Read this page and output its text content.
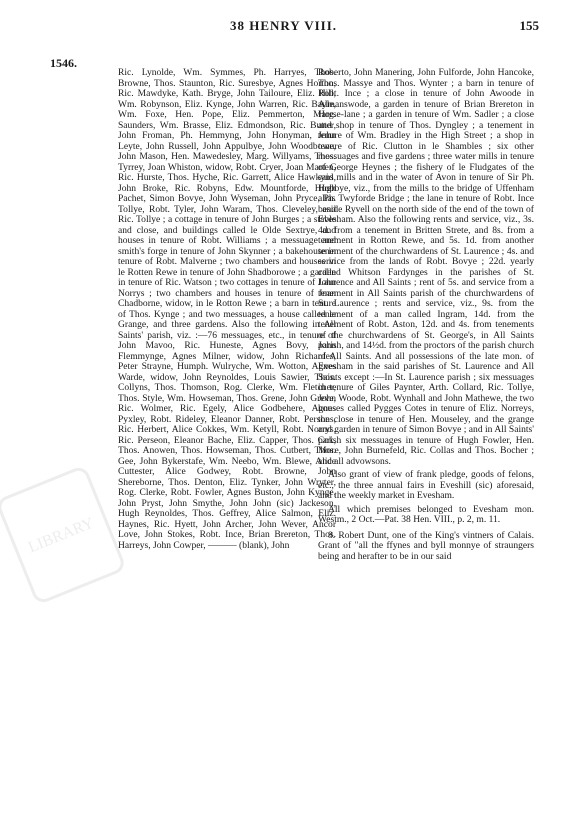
38 HENRY VIII.	155
1546.
LIBRARY

Ric. Lynolde, Wm. Symmes, Ph. Harryes, Thos. Browne, Thos. Staunton, Ric. Suresbye, Agnes Horton, Ric. Mawdyke, Kath. Bryge, John Tailoure, Eliz. Hill, Wm. Robynson, Eliz. Kynge, John Warren, Ric. Bayle, Wm. Foxe, Hen. Pope, Eliz. Pemmerton, Marg. Saunders, Wm. Brasse, Eliz. Edmondson, Ric. Butter, John Froman, Ph. Hemmyng, John Honyman, John Leyte, John Russell, John Appulbye, John Woodbowe, John Mason, Hen. Mawedesley, Marg. Willyams, Thos. Tyrrey, Joan Whiston, widow, Robt. Cryer, Joan Marten, Ric. Hurste, Thos. Hyche, Ric. Garrett, Alice Hawkyns, John Broke, Ric. Robyns, Edw. Mountforde, Hugh Pachet, Simon Bovye, John Wyseman, John Pryce, Ph. Tollye, Robt. Tyler, John Waram, Thos. Cleveley, and Ric. Tollye ; a cottage in tenure of John Burges ; a stable and close, and buildings called le Olde Sextrye, and houses in tenure of Robt. Williams ; a messuage and smith's forge in tenure of John Skynner ; a bakehouse in tenure of Robt. Malverne ; two chambers and houses in le Rotten Rewe in tenure of John Shadborowe ; a garden in tenure of Ric. Watson ; two cottages in tenure of John Norrys ; two chambers and houses in tenure of Joan Chadborne, widow, in le Rotton Rewe ; a barn in tenure of Thos. Kynge ; and two messuages, a house called le Grange, and three gardens. Also the following in All Saints' parish, viz. :—76 messuages, etc., in tenure of John Mavoo, Ric. Huneste, Agnes Bovy, John Flemmynge, Agnes Milner, widow, John Richardes, Peter Strayne, Humph. Wulryche, Wm. Wotton, Agnes Warde, widow, John Reynoldes, Louis Sawier, Thos. Collyns, Thos. Thomson, Rog. Clerke, Wm. Fletcher, Thos. Style, Wm. Howseman, Thos. Grene, John Greve, Ric. Wolmer, Ric. Egely, Alice Godbehere, Agnes Pyxley, Robt. Rideley, Eleanor Danner, Robt. Persons, Ric. Herbert, Alice Cokkes, Wm. Ketyll, Robt. Norrys, Ric. Perseon, Eleanor Bache, Eliz. Capper, Thos. Cok, Thos. Anowen, Thos. Howseman, Thos. Cutbert, Thos. Gee, John Bykerstafe, Wm. Neebo, Wm. Blewe, Alice Cuttester, Alice Godwey, Robt. Browne, John Shereborne, Thos. Denton, Eliz. Tynker, John Wryter, Rog. Clerke, Robt. Fowler, Agnes Buston, John Kynge, John Pryst, John Smythe, John John (sic) Jackeson, Hugh Reynoldes, Thos. Geffrey, Alice Salmon, Eliz. Haynes, Ric. Hyett, John Archer, John Wever, Ancor Love, John Stokes, Robt. Ince, Brian Brereton, Thos. Harreys, John Cowper, ——— (blank), John

Roberto, John Manering, John Fulforde, John Hancoke, Thos. Massye and Thos. Wynter ; a barn in tenure of Robt. Ince ; a close in tenure of John Awoode in Almanswode, a garden in tenure of Brian Brereton in Horse-lane ; a garden in tenure of Wm. Sadler ; a close and shop in tenure of Thos. Dyngley ; a tenement in tenure of Wm. Bradley in the High Street ; a shop in tenure of Ric. Clutton in le Shambles ; six other messuages and five gardens ; three water mills in tenure of George Heynes ; the fishery of le Fludgates of the said mills and in the water of Avon in tenure of Sir Ph. Hobbye, viz., from the mills to the bridge of Uffenham alias Twyforde Bridge ; the lane in tenure of Robt. Ince beside Ryvell on the north side of the end of the town of Evesham. Also the following rents and service, viz., 3s. 4d. from a tenement in Britten Strete, and 8s. from a tenement in Rotton Rewe, and 5s. 1d. from another tenement of the churchwardens of St. Laurence ; 4s. and service from the lands of Robt. Bovye ; 22d. yearly called Whitson Fardynges in the parishes of St. Laurence and All Saints ; rent of 5s. and service from a tenement in All Saints parish of the churchwardens of St. Laurence ; rents and service, viz., 9s. from the tenement of a man called Ingram, 14d. from the tenement of Robt. Aston, 12d. and 4s. from tenements of the churchwardens of St. George's, in All Saints parish, and 14½d. from the proctors of the parish church of All Saints. And all possessions of the late mon. of Evesham in the said parishes of St. Laurence and All Saints except :—In St. Laurence parish ; six messuages in tenure of Giles Paynter, Arth. Collard, Ric. Tollye, John Woode, Robt. Wynhall and John Mathewe, the two houses called Pygges Cotes in tenure of Eliz. Norreys, the close in tenure of Hen. Mouseley, and the grange and garden in tenure of Simon Bovye ; and in All Saints' parish six messuages in tenure of Hugh Fowler, Hen. More, John Burnefeld, Ric. Collas and Thos. Bocher ; and all advowsons.

Also grant of view of frank pledge, goods of felons, etc., the three annual fairs in Eveshill (sic) aforesaid, and the weekly market in Evesham.

All which premises belonged to Evesham mon. Westm., 2 Oct.—Pat. 38 Hen. VIII., p. 2, m. 11.

8. Robert Dunt, one of the King's vintners of Calais. Grant of "all the ffynes and byll monnye of straungers being and herafter to be in our said
